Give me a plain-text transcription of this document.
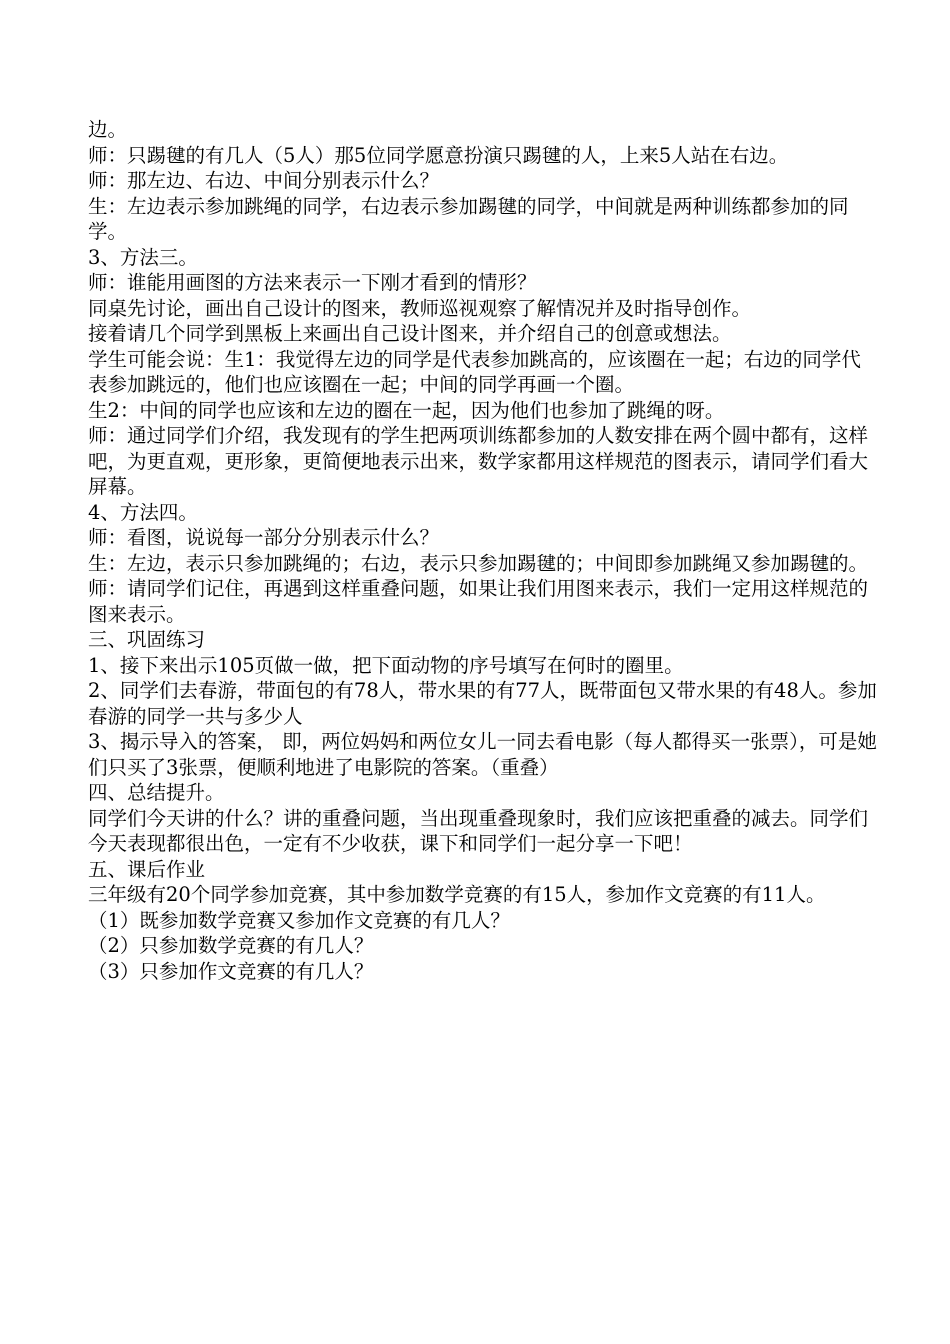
边。

师：只踢毽的有几人（5人）那5位同学愿意扮演只踢毽的人，上来5人站在右边。

师：那左边、右边、中间分别表示什么？

生：左边表示参加跳绳的同学，右边表示参加踢毽的同学，中间就是两种训练都参加的同学。

3、方法三。

师：谁能用画图的方法来表示一下刚才看到的情形？

同桌先讨论，画出自己设计的图来，教师巡视观察了解情况并及时指导创作。

接着请几个同学到黑板上来画出自己设计图来，并介绍自己的创意或想法。

学生可能会说：生1：我觉得左边的同学是代表参加跳高的，应该圈在一起；右边的同学代表参加跳远的，他们也应该圈在一起；中间的同学再画一个圈。

生2：中间的同学也应该和左边的圈在一起，因为他们也参加了跳绳的呀。

师：通过同学们介绍，我发现有的学生把两项训练都参加的人数安排在两个圆中都有，这样吧，为更直观，更形象，更简便地表示出来，数学家都用这样规范的图表示，请同学们看大屏幕。

4、方法四。

师：看图，说说每一部分分别表示什么？

生：左边，表示只参加跳绳的；右边，表示只参加踢毽的；中间即参加跳绳又参加踢毽的。

师：请同学们记住，再遇到这样重叠问题，如果让我们用图来表示，我们一定用这样规范的图来表示。

三、巩固练习

1、接下来出示105页做一做，把下面动物的序号填写在何时的圈里。

2、同学们去春游，带面包的有78人，带水果的有77人，既带面包又带水果的有48人。参加春游的同学一共与多少人

3、揭示导入的答案， 即，两位妈妈和两位女儿一同去看电影（每人都得买一张票），可是她们只买了3张票，便顺利地进了电影院的答案。（重叠）

四、总结提升。

同学们今天讲的什么？讲的重叠问题，当出现重叠现象时，我们应该把重叠的减去。同学们今天表现都很出色，一定有不少收获，课下和同学们一起分享一下吧！

五、课后作业

三年级有20个同学参加竞赛，其中参加数学竞赛的有15人，参加作文竞赛的有11人。

（1）既参加数学竞赛又参加作文竞赛的有几人？

（2）只参加数学竞赛的有几人？

（3）只参加作文竞赛的有几人？
